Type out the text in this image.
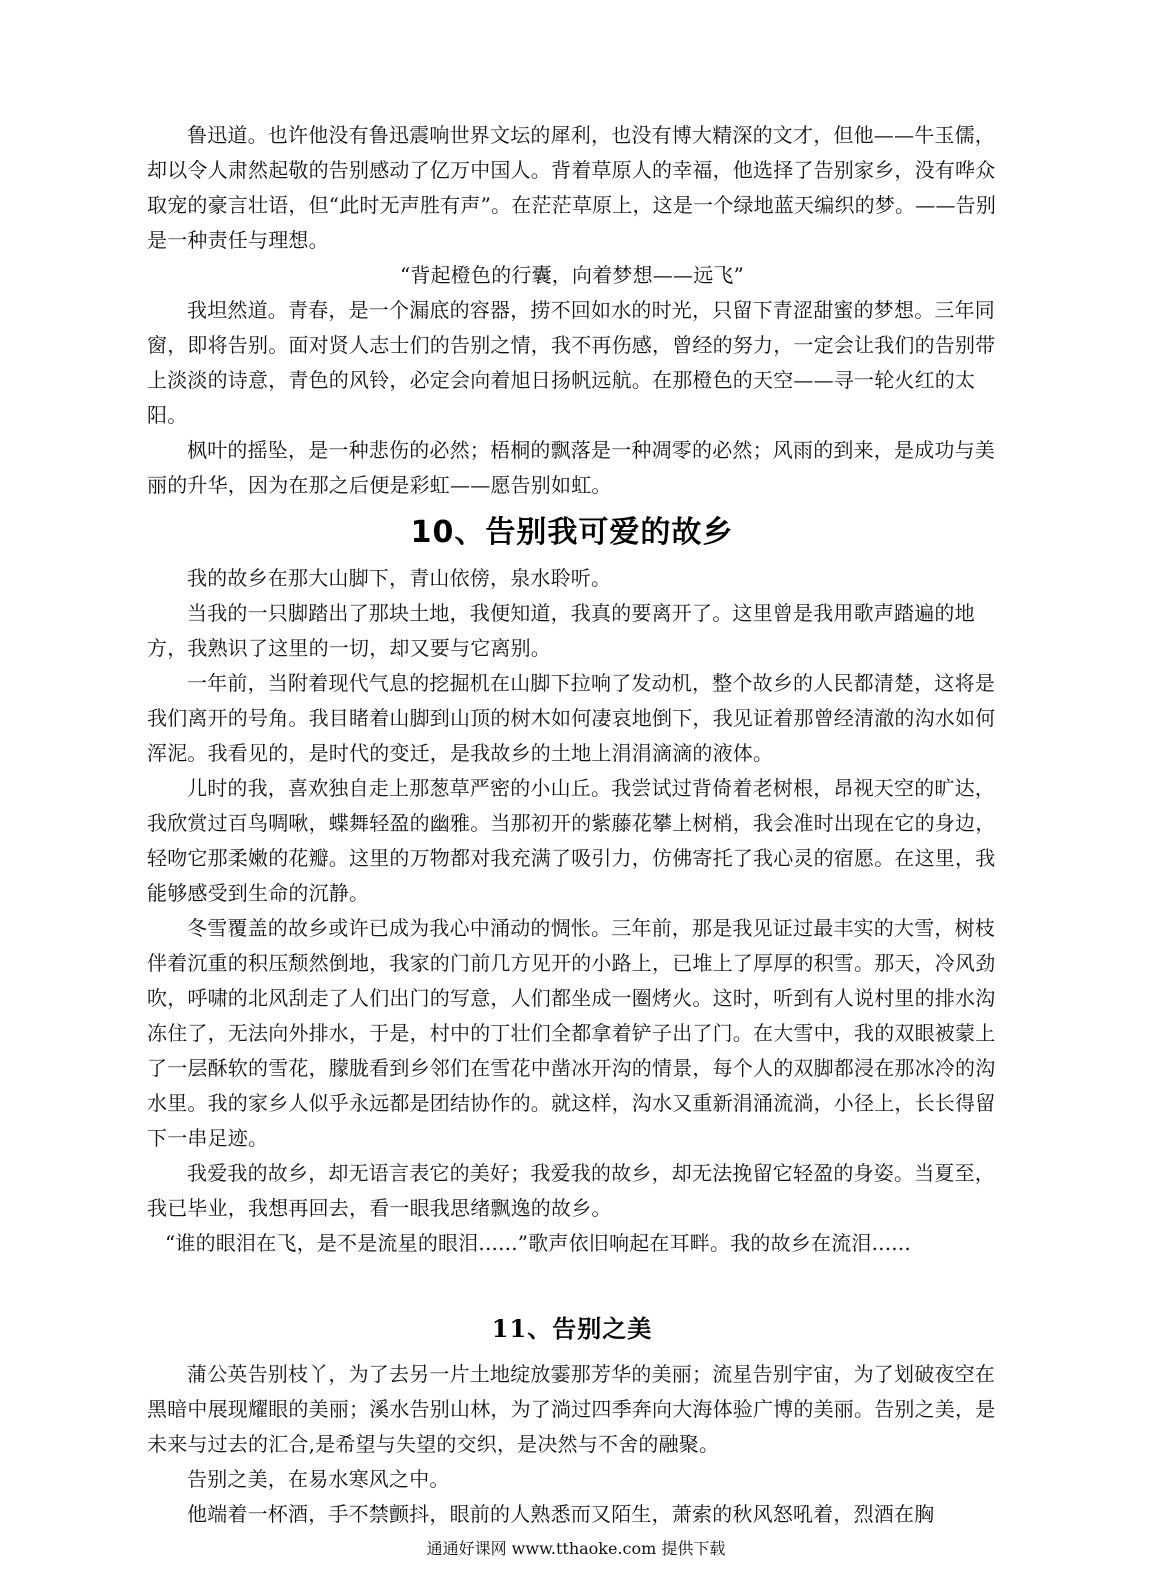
鲁迅道。也许他没有鲁迅震响世界文坛的犀利，也没有博大精深的文才，但他——牛玉儒，却以令人肃然起敬的告别感动了亿万中国人。背着草原人的幸福，他选择了告别家乡，没有哗众取宠的豪言壮语，但“此时无声胜有声”。在茫茫草原上，这是一个绿地蓝天编织的梦。——告别是一种责任与理想。

“背起橙色的行囊，向着梦想——远飞”

我坦然道。青春，是一个漏底的容器，捞不回如水的时光，只留下青涩甜蜜的梦想。三年同窗，即将告别。面对贤人志士们的告别之情，我不再伤感，曾经的努力，一定会让我们的告别带上淡淡的诗意，青色的风铃，必定会向着旭日扬帆远航。在那橙色的天空——寻一轮火红的太阳。

枫叶的摇坠，是一种悲伤的必然；梧桐的飘落是一种凋零的必然；风雨的到来，是成功与美丽的升华，因为在那之后便是彩虹——愿告别如虹。

10、告别我可爱的故乡

我的故乡在那大山脚下，青山依傍，泉水聆听。

当我的一只脚踏出了那块土地，我便知道，我真的要离开了。这里曾是我用歌声踏遍的地方，我熟识了这里的一切，却又要与它离别。

一年前，当附着现代气息的挖掘机在山脚下拉响了发动机，整个故乡的人民都清楚，这将是我们离开的号角。我目睹着山脚到山顶的树木如何凄哀地倒下，我见证着那曾经清澈的沟水如何浑泥。我看见的，是时代的变迁，是我故乡的土地上涓涓滴滴的液体。

儿时的我，喜欢独自走上那葱草严密的小山丘。我尝试过背倚着老树根，昂视天空的旷达，我欣赏过百鸟啁啾，蝶舞轻盈的幽雅。当那初开的紫藤花攀上树梢，我会准时出现在它的身边，轻吻它那柔嫩的花瓣。这里的万物都对我充满了吸引力，仿佛寄托了我心灵的宿愿。在这里，我能够感受到生命的沉静。

冬雪覆盖的故乡或许已成为我心中涌动的惆怅。三年前，那是我见证过最丰实的大雪，树枝伴着沉重的积压颓然倒地，我家的门前几方见开的小路上，已堆上了厚厚的积雪。那天，冷风劲吹，呼啸的北风刮走了人们出门的写意，人们都坐成一圈烤火。这时，听到有人说村里的排水沟冻住了，无法向外排水，于是，村中的丁壮们全都拿着铲子出了门。在大雪中，我的双眼被蒙上了一层酥软的雪花，朦胧看到乡邻们在雪花中凿冰开沟的情景，每个人的双脚都浸在那冰冷的沟水里。我的家乡人似乎永远都是团结协作的。就这样，沟水又重新涓涌流淌，小径上，长长得留下一串足迹。

我爱我的故乡，却无语言表它的美好；我爱我的故乡，却无法挽留它轻盈的身姿。当夏至，我已毕业，我想再回去，看一眼我思绪飘逸的故乡。

“谁的眼泪在飞，是不是流星的眼泪......”歌声依旧响起在耳畔。我的故乡在流泪......

11、告别之美

蒲公英告别枝丫，为了去另一片土地绽放霎那芳华的美丽；流星告别宇宙，为了划破夜空在黑暗中展现耀眼的美丽；溪水告别山林，为了淌过四季奔向大海体验广博的美丽。告别之美，是未来与过去的汇合,是希望与失望的交织，是决然与不舍的融聚。

告别之美，在易水寒风之中。

他端着一杯酒，手不禁颤抖，眼前的人熟悉而又陌生，萧索的秋风怒吼着，烈酒在胸

通通好课网 www.tthaoke.com 提供下载
